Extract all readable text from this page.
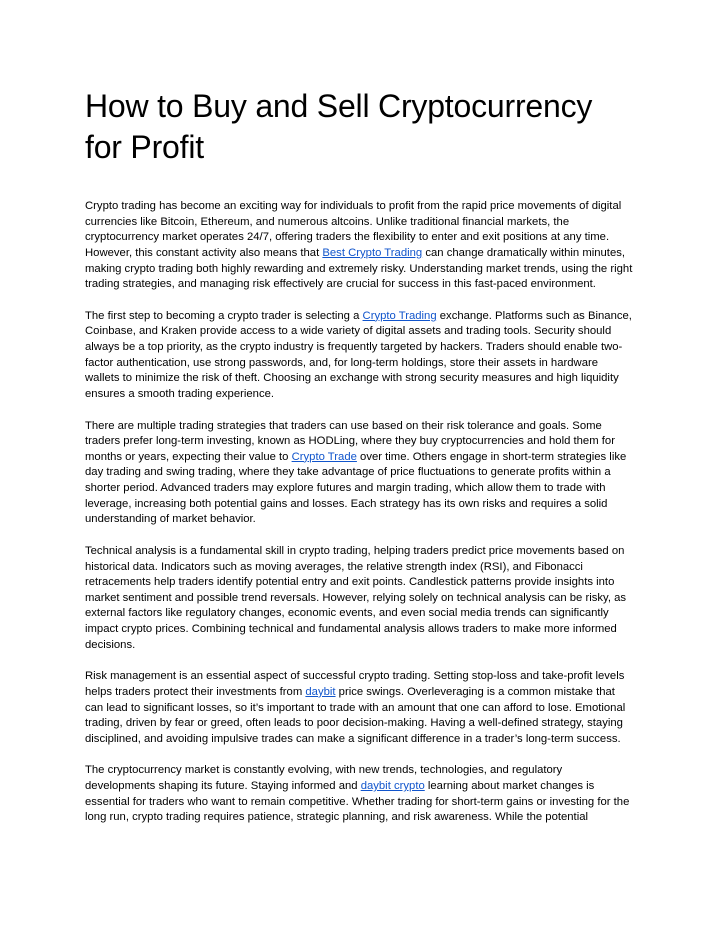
How to Buy and Sell Cryptocurrency for Profit

Crypto trading has become an exciting way for individuals to profit from the rapid price movements of digital currencies like Bitcoin, Ethereum, and numerous altcoins. Unlike traditional financial markets, the cryptocurrency market operates 24/7, offering traders the flexibility to enter and exit positions at any time. However, this constant activity also means that Best Crypto Trading can change dramatically within minutes, making crypto trading both highly rewarding and extremely risky. Understanding market trends, using the right trading strategies, and managing risk effectively are crucial for success in this fast-paced environment.

The first step to becoming a crypto trader is selecting a Crypto Trading exchange. Platforms such as Binance, Coinbase, and Kraken provide access to a wide variety of digital assets and trading tools. Security should always be a top priority, as the crypto industry is frequently targeted by hackers. Traders should enable two-factor authentication, use strong passwords, and, for long-term holdings, store their assets in hardware wallets to minimize the risk of theft. Choosing an exchange with strong security measures and high liquidity ensures a smooth trading experience.

There are multiple trading strategies that traders can use based on their risk tolerance and goals. Some traders prefer long-term investing, known as HODLing, where they buy cryptocurrencies and hold them for months or years, expecting their value to Crypto Trade over time. Others engage in short-term strategies like day trading and swing trading, where they take advantage of price fluctuations to generate profits within a shorter period. Advanced traders may explore futures and margin trading, which allow them to trade with leverage, increasing both potential gains and losses. Each strategy has its own risks and requires a solid understanding of market behavior.

Technical analysis is a fundamental skill in crypto trading, helping traders predict price movements based on historical data. Indicators such as moving averages, the relative strength index (RSI), and Fibonacci retracements help traders identify potential entry and exit points. Candlestick patterns provide insights into market sentiment and possible trend reversals. However, relying solely on technical analysis can be risky, as external factors like regulatory changes, economic events, and even social media trends can significantly impact crypto prices. Combining technical and fundamental analysis allows traders to make more informed decisions.

Risk management is an essential aspect of successful crypto trading. Setting stop-loss and take-profit levels helps traders protect their investments from daybit price swings. Overleveraging is a common mistake that can lead to significant losses, so it’s important to trade with an amount that one can afford to lose. Emotional trading, driven by fear or greed, often leads to poor decision-making. Having a well-defined strategy, staying disciplined, and avoiding impulsive trades can make a significant difference in a trader’s long-term success.

The cryptocurrency market is constantly evolving, with new trends, technologies, and regulatory developments shaping its future. Staying informed and daybit crypto learning about market changes is essential for traders who want to remain competitive. Whether trading for short-term gains or investing for the long run, crypto trading requires patience, strategic planning, and risk awareness. While the potential
